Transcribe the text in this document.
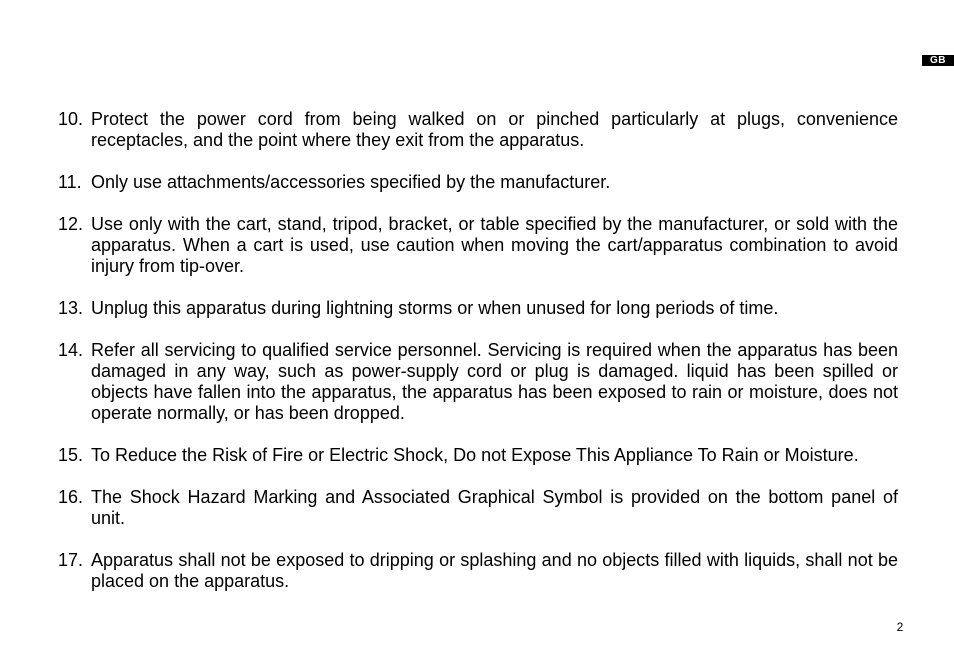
GB
10. Protect the power cord from being walked on or pinched particularly at plugs, convenience receptacles, and the point where they exit from the apparatus.
11. Only use attachments/accessories specified by the manufacturer.
12. Use only with the cart, stand, tripod, bracket, or table specified by the manufacturer, or sold with the apparatus. When a cart is used, use caution when moving the cart/apparatus combination to avoid injury from tip-over.
13. Unplug this apparatus during lightning storms or when unused for long periods of time.
14. Refer all servicing to qualified service personnel. Servicing is required when the apparatus has been damaged in any way, such as power-supply cord or plug is damaged. liquid has been spilled or objects have fallen into the apparatus, the apparatus has been exposed to rain or moisture, does not operate normally, or has been dropped.
15. To Reduce the Risk of Fire or Electric Shock, Do not Expose This Appliance To Rain or Moisture.
16. The Shock Hazard Marking and Associated Graphical Symbol is provided on the bottom panel of unit.
17. Apparatus shall not be exposed to dripping or splashing and no objects filled with liquids, shall not be placed on the apparatus.
2
